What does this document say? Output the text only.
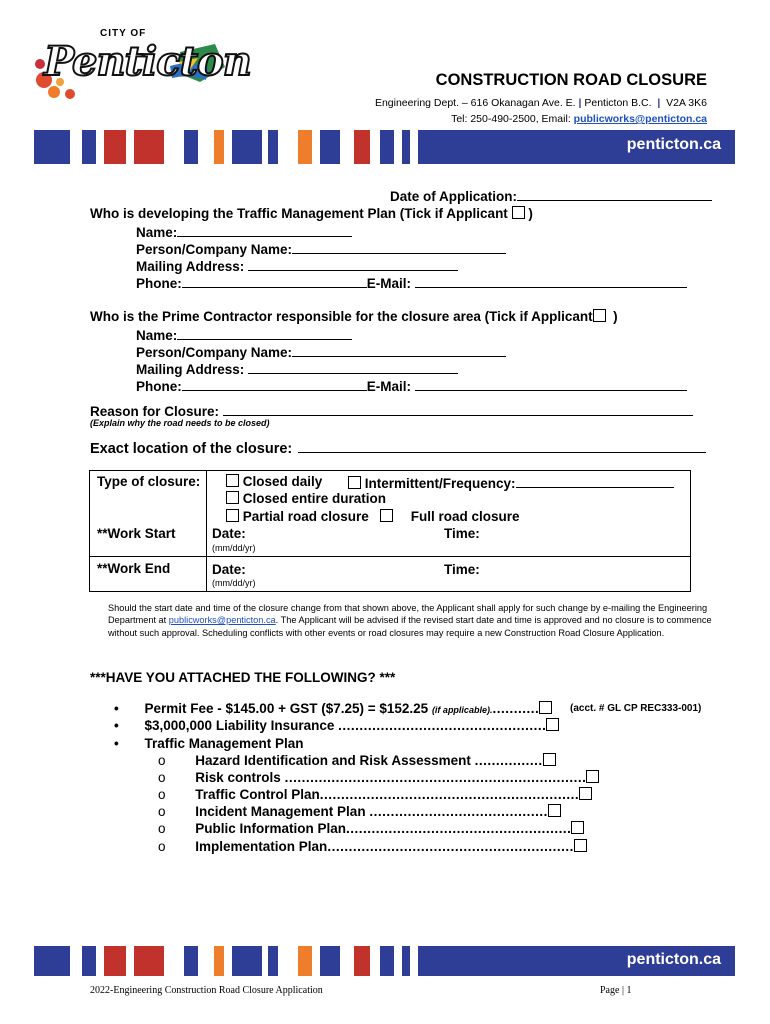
CITY OF
Penticton	CONSTRUCTION ROAD CLOSURE
Engineering Dept. – 616 Okanagan Ave. E. | Penticton B.C.  |  V2A 3K6
Tel: 250-490-2500, Email: publicworks@penticton.ca
penticton.ca
Date of Application:
Who is developing the Traffic Management Plan (Tick if Applicant )
Name:
Person/Company Name:
Mailing Address:
Phone:	E-Mail:
Who is the Prime Contractor responsible for the closure area (Tick if Applicant )
Name:
Person/Company Name:
Mailing Address:
Phone:	E-Mail:
Reason for Closure:
(Explain why the road needs to be closed)
Exact location of the closure:
Type of closure:	Closed daily	Intermittent/Frequency:
Closed entire duration
Partial road closure	Full road closure
**Work Start	Date:	Time:
(mm/dd/yr)
**Work End	Date:	Time:
(mm/dd/yr)
Should the start date and time of the closure change from that shown above, the Applicant shall apply for such change by e-mailing the Engineering Department at publicworks@penticton.ca. The Applicant will be advised if the revised start date and time is approved and no closure is to commence without such approval. Scheduling conflicts with other events or road closures may require a new Construction Road Closure Application.
***HAVE YOU ATTACHED THE FOLLOWING? ***
• Permit Fee - $145.00 + GST ($7.25) = $152.25 (if applicable)............	(acct. # GL CP REC333-001)
• $3,000,000 Liability Insurance .................................................
• Traffic Management Plan
o Hazard Identification and Risk Assessment ................
o Risk controls .......................................................................
o Traffic Control Plan.............................................................
o Incident Management Plan ..........................................
o Public Information Plan.....................................................
o Implementation Plan..........................................................
penticton.ca
2022-Engineering Construction Road Closure Application	Page | 1
